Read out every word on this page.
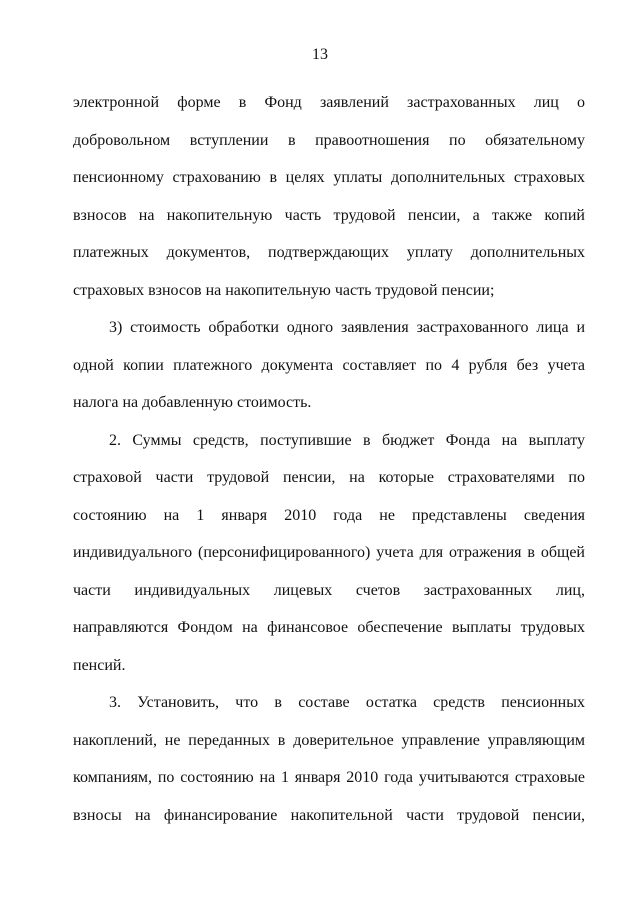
13
электронной форме в Фонд заявлений застрахованных лиц о
добровольном вступлении в правоотношения по обязательному
пенсионному страхованию в целях уплаты дополнительных страховых
взносов на накопительную часть трудовой пенсии, а также копий
платежных документов, подтверждающих уплату дополнительных
страховых взносов на накопительную часть трудовой пенсии;
3) стоимость обработки одного заявления застрахованного лица и
одной копии платежного документа составляет по 4 рубля без учета
налога на добавленную стоимость.
2. Суммы средств, поступившие в бюджет Фонда на выплату
страховой части трудовой пенсии, на которые страхователями по
состоянию на 1 января 2010 года не представлены сведения
индивидуального (персонифицированного) учета для отражения в общей
части индивидуальных лицевых счетов застрахованных лиц,
направляются Фондом на финансовое обеспечение выплаты трудовых
пенсий.
3. Установить, что в составе остатка средств пенсионных
накоплений, не переданных в доверительное управление управляющим
компаниям, по состоянию на 1 января 2010 года учитываются страховые
взносы на финансирование накопительной части трудовой пенсии,
